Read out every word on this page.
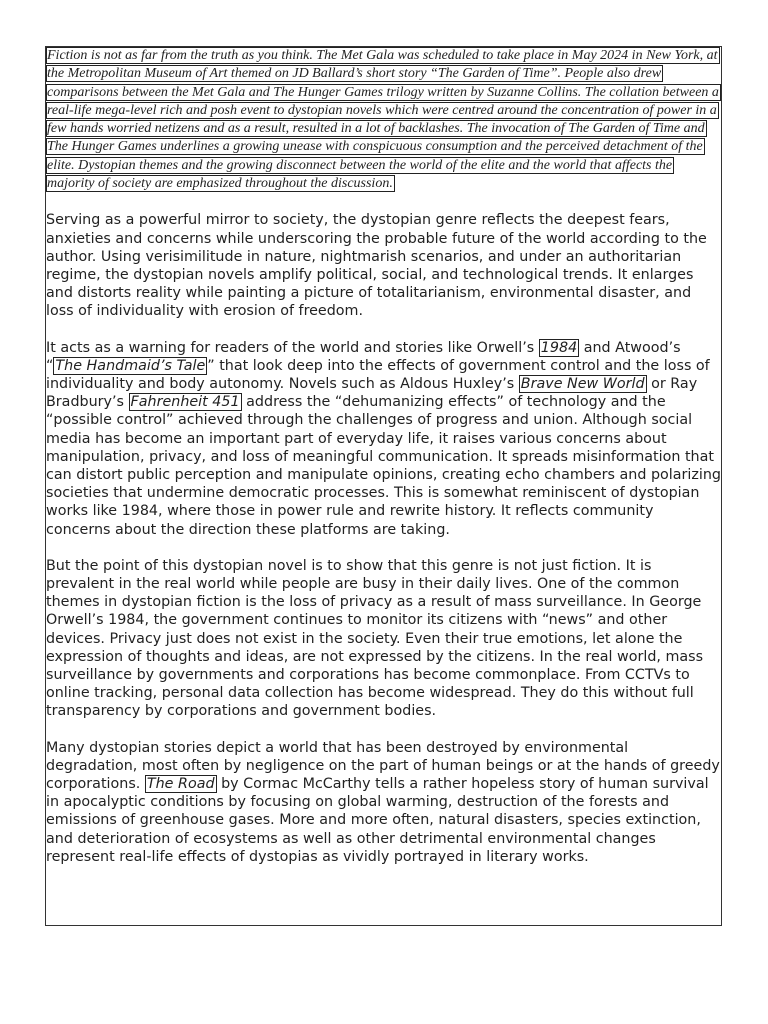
Fiction is not as far from the truth as you think. The Met Gala was scheduled to take place in May 2024 in New York, at the Metropolitan Museum of Art themed on JD Ballard’s short story “The Garden of Time”. People also drew comparisons between the Met Gala and The Hunger Games trilogy written by Suzanne Collins. The collation between a real-life mega-level rich and posh event to dystopian novels which were centred around the concentration of power in a few hands worried netizens and as a result, resulted in a lot of backlashes. The invocation of The Garden of Time and The Hunger Games underlines a growing unease with conspicuous consumption and the perceived detachment of the elite. Dystopian themes and the growing disconnect between the world of the elite and the world that affects the majority of society are emphasized throughout the discussion.

Serving as a powerful mirror to society, the dystopian genre reflects the deepest fears, anxieties and concerns while underscoring the probable future of the world according to the author. Using verisimilitude in nature, nightmarish scenarios, and under an authoritarian regime, the dystopian novels amplify political, social, and technological trends. It enlarges and distorts reality while painting a picture of totalitarianism, environmental disaster, and loss of individuality with erosion of freedom.

It acts as a warning for readers of the world and stories like Orwell’s 1984 and Atwood’s “ The Handmaid’s Tale ” that look deep into the effects of government control and the loss of individuality and body autonomy. Novels such as Aldous Huxley’s Brave New World or Ray Bradbury’s Fahrenheit 451 address the “dehumanizing effects” of technology and the “possible control” achieved through the challenges of progress and union. Although social media has become an important part of everyday life, it raises various concerns about manipulation, privacy, and loss of meaningful communication. It spreads misinformation that can distort public perception and manipulate opinions, creating echo chambers and polarizing societies that undermine democratic processes. This is somewhat reminiscent of dystopian works like 1984, where those in power rule and rewrite history. It reflects community concerns about the direction these platforms are taking.

But the point of this dystopian novel is to show that this genre is not just fiction. It is prevalent in the real world while people are busy in their daily lives. One of the common themes in dystopian fiction is the loss of privacy as a result of mass surveillance. In George Orwell’s 1984, the government continues to monitor its citizens with “news” and other devices. Privacy just does not exist in the society. Even their true emotions, let alone the expression of thoughts and ideas, are not expressed by the citizens. In the real world, mass surveillance by governments and corporations has become commonplace. From CCTVs to online tracking, personal data collection has become widespread. They do this without full transparency by corporations and government bodies.

Many dystopian stories depict a world that has been destroyed by environmental degradation, most often by negligence on the part of human beings or at the hands of greedy corporations. The Road by Cormac McCarthy tells a rather hopeless story of human survival in apocalyptic conditions by focusing on global warming, destruction of the forests and emissions of greenhouse gases. More and more often, natural disasters, species extinction, and deterioration of ecosystems as well as other detrimental environmental changes represent real-life effects of dystopias as vividly portrayed in literary works.
